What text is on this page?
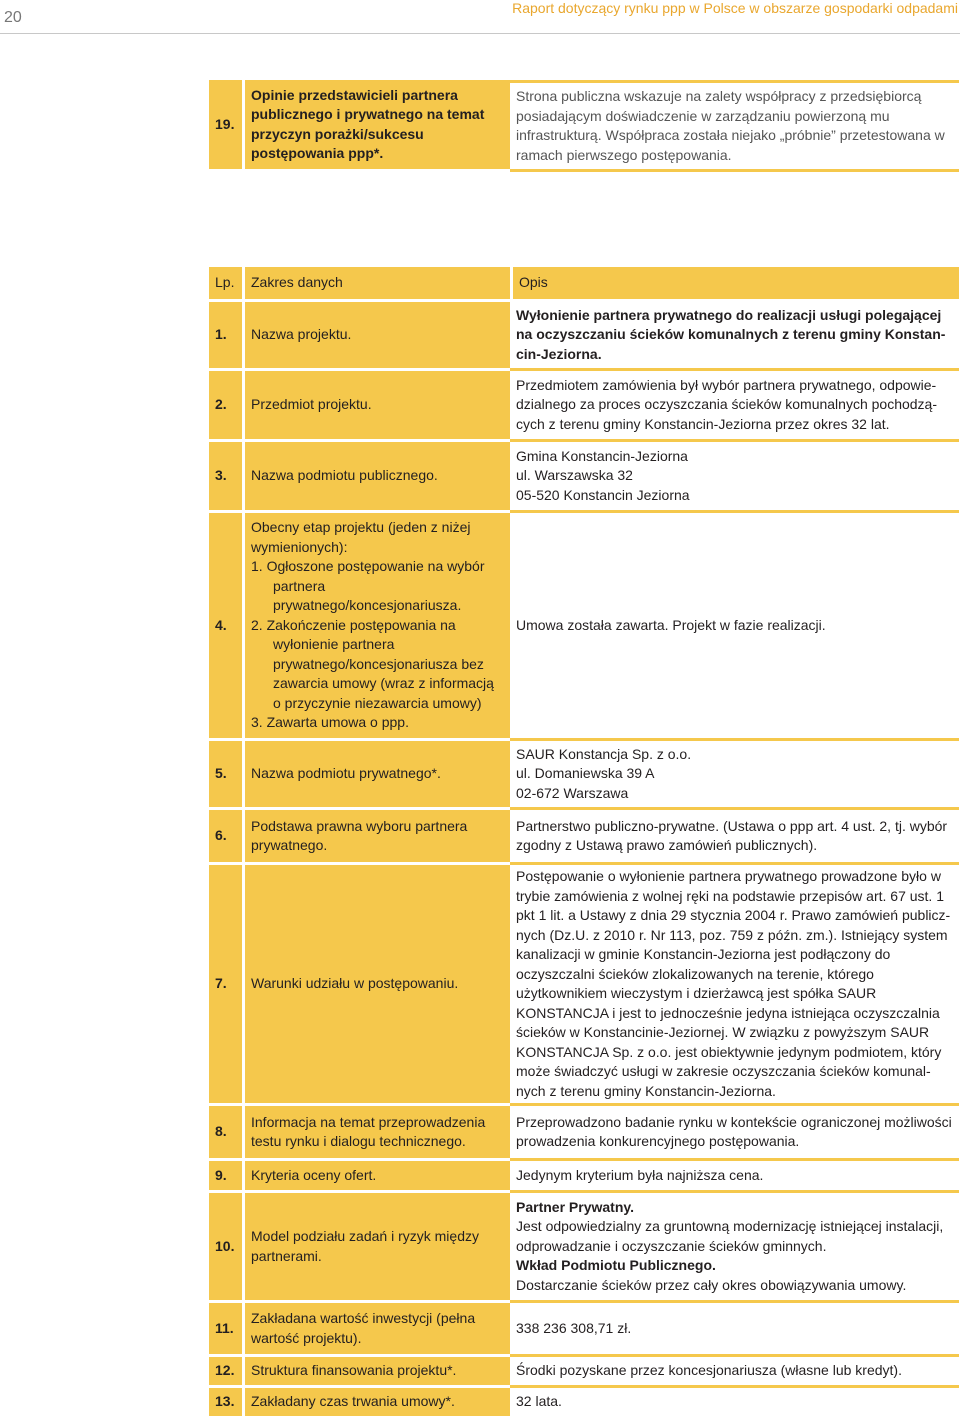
20
Raport dotyczący rynku ppp w Polsce w obszarze gospodarki odpadami
19.	Opinie przedstawicieli partnera publicznego i prywatnego na temat przyczyn porażki/sukcesu postępowania ppp*.	Strona publiczna wskazuje na zalety współpracy z przedsiębiorcą posiadającym doświadczenie w zarządzaniu powierzoną mu infrastrukturą. Współpraca została niejako „próbnie” przetestowana w ramach pierwszego postępowania.
Lp.	Zakres danych	Opis
1.	Nazwa projektu.	Wyłonienie partnera prywatnego do realizacji usługi polegającej na oczyszczaniu ścieków komunalnych z terenu gminy Konstancin-Jeziorna.
2.	Przedmiot projektu.	Przedmiotem zamówienia był wybór partnera prywatnego, odpowiedzialnego za proces oczyszczania ścieków komunalnych pochodzących z terenu gminy Konstancin-Jeziorna przez okres 32 lat.
3.	Nazwa podmiotu publicznego.	Gmina Konstancin-Jeziorna
ul. Warszawska 32
05-520 Konstancin Jeziorna

4.	Obecny etap projektu (jeden z niżej wymienionych):
1. Ogłoszone postępowanie na wybór partnera prywatnego/koncesjonariusza.
2. Zakończenie postępowania na wyłonienie partnera prywatnego/koncesjonariusza bez zawarcia umowy (wraz z informacją o przyczynie niezawarcia umowy)
3. Zawarta umowa o ppp.	Umowa została zawarta. Projekt w fazie realizacji.
5.	Nazwa podmiotu prywatnego*.	SAUR Konstancja Sp. z o.o.
ul. Domaniewska 39 A
02-672 Warszawa

6.	Podstawa prawna wyboru partnera prywatnego.	Partnerstwo publiczno-prywatne. (Ustawa o ppp art. 4 ust. 2, tj. wybór zgodny z Ustawą prawo zamówień publicznych).
7.	Warunki udziału w postępowaniu.	Postępowanie o wyłonienie partnera prywatnego prowadzone było w trybie zamówienia z wolnej ręki na podstawie przepisów art. 67 ust. 1 pkt 1 lit. a Ustawy z dnia 29 stycznia 2004 r. Prawo zamówień publicznych (Dz.U. z 2010 r. Nr 113, poz. 759 z późn. zm.). Istniejący system kanalizacji w gminie Konstancin-Jeziorna jest podłączony do oczyszczalni ścieków zlokalizowanych na terenie, którego użytkownikiem wieczystym i dzierżawcą jest spółka SAUR KONSTANCJA i jest to jednocześnie jedyna istniejąca oczyszczalnia ścieków w Konstancinie-Jeziornej. W związku z powyższym SAUR KONSTANCJA Sp. z o.o. jest obiektywnie jedynym podmiotem, który może świadczyć usługi w zakresie oczyszczania ścieków komunalnych z terenu gminy Konstancin-Jeziorna.
8.	Informacja na temat przeprowadzenia testu rynku i dialogu technicznego.	Przeprowadzono badanie rynku w kontekście ograniczonej możliwości prowadzenia konkurencyjnego postępowania.
9.	Kryteria oceny ofert.	Jedynym kryterium była najniższa cena.
10.	Model podziału zadań i ryzyk między partnerami.	Partner Prywatny.
Jest odpowiedzialny za gruntowną modernizację istniejącej instalacji, odprowadzanie i oczyszczanie ścieków gminnych.
Wkład Podmiotu Publicznego.
Dostarczanie ścieków przez cały okres obowiązywania umowy.

11.	Zakładana wartość inwestycji (pełna wartość projektu).	338 236 308,71 zł.
12.	Struktura finansowania projektu*.	Środki pozyskane przez koncesjonariusza (własne lub kredyt).
13.	Zakładany czas trwania umowy*.	32 lata.
